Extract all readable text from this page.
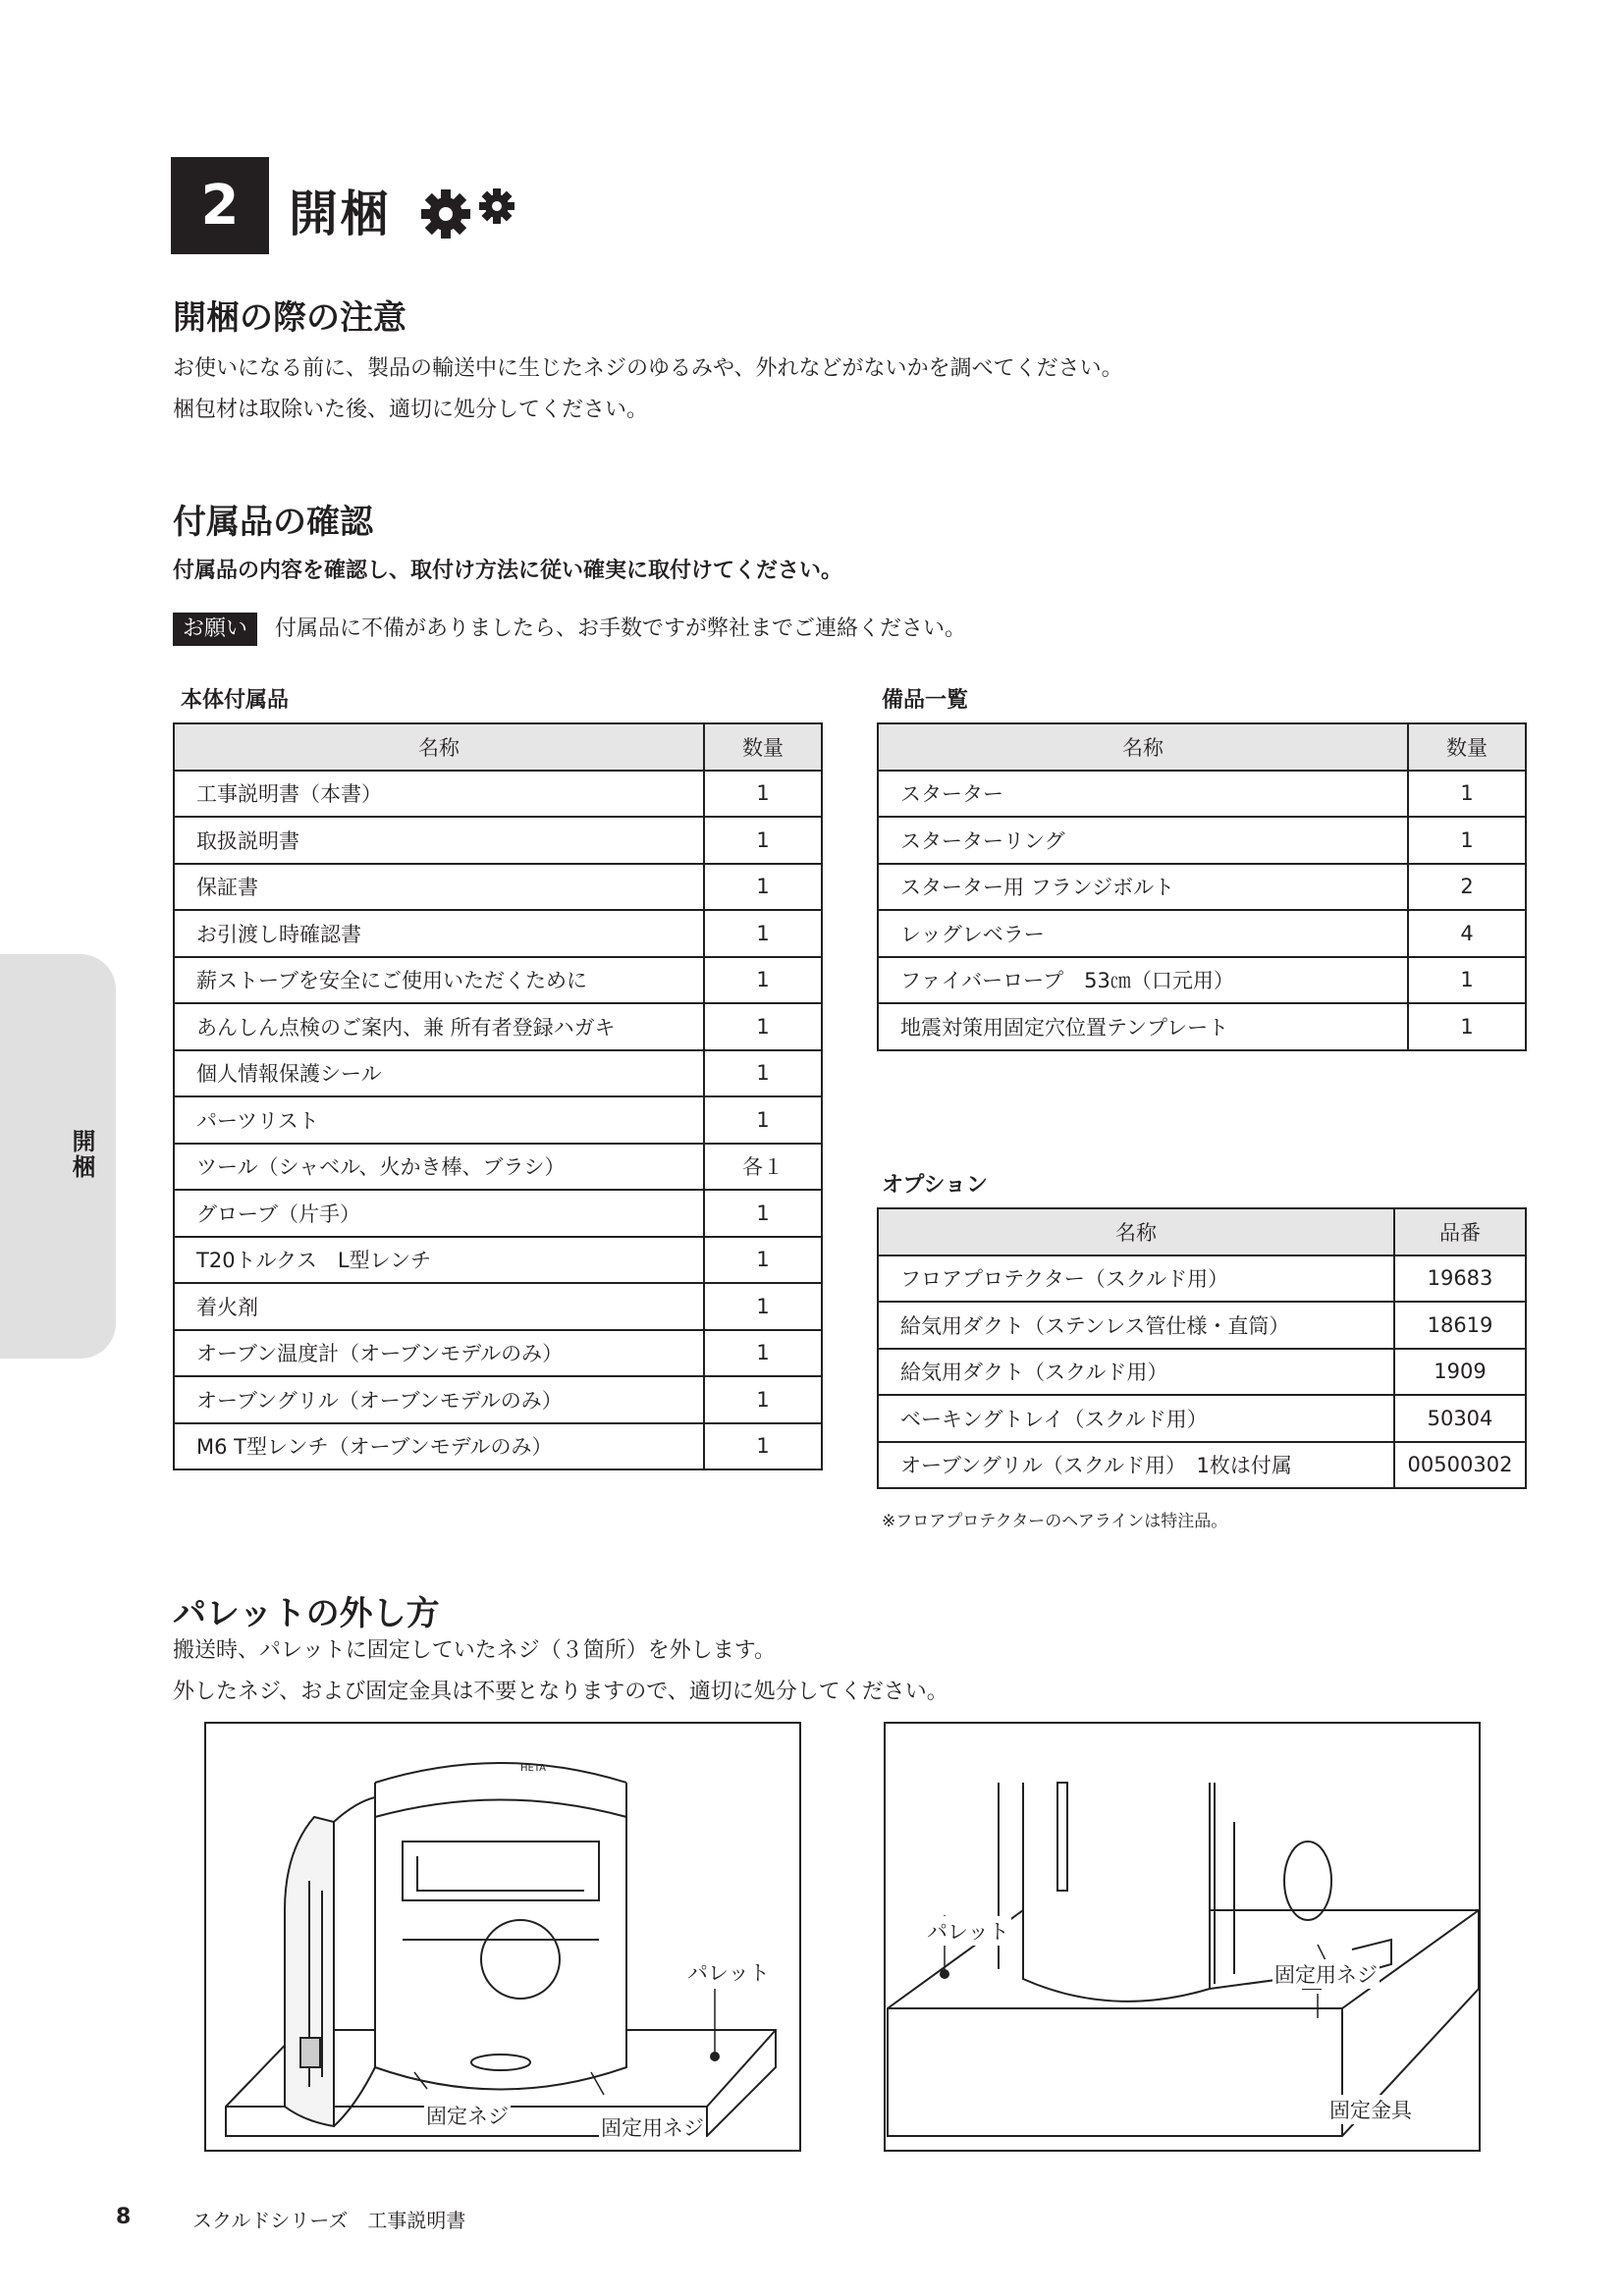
2	開梱
開梱の際の注意
お使いになる前に、製品の輸送中に生じたネジのゆるみや、外れなどがないかを調べてください。
梱包材は取除いた後、適切に処分してください。
付属品の確認
付属品の内容を確認し、取付け方法に従い確実に取付けてください。
お願い	付属品に不備がありましたら、お手数ですが弊社までご連絡ください。
本体付属品	備品一覧
オプション
名称	数量
工事説明書（本書）	1
取扱説明書	1
保証書	1
お引渡し時確認書	1
薪ストーブを安全にご使用いただくために	1
あんしん点検のご案内、兼 所有者登録ハガキ	1
個人情報保護シール	1
パーツリスト	1
ツール（シャベル、火かき棒、ブラシ）	各１
グローブ（片手）	1
T20トルクス　L型レンチ	1
着火剤	1
オーブン温度計（オーブンモデルのみ）	1
オーブングリル（オーブンモデルのみ）	1
M6 T型レンチ（オーブンモデルのみ）	1
名称	数量
スターター	1
スターターリング	1
スターター用 フランジボルト	2
レッグレベラー	4
ファイバーロープ　53㎝（口元用）	1
地震対策用固定穴位置テンプレート	1
名称	品番
フロアプロテクター（スクルド用）	19683
給気用ダクト（ステンレス管仕様・直筒）	18619
給気用ダクト（スクルド用）	1909
ベーキングトレイ（スクルド用）	50304
オーブングリル（スクルド用）　1枚は付属	00500302
※フロアプロテクターのヘアラインは特注品。
開梱
パレットの外し方
搬送時、パレットに固定していたネジ（３箇所）を外します。
外したネジ、および固定金具は不要となりますので、適切に処分してください。
HETA
パレット
固定ネジ	固定用ネジ
パレット
固定用ネジ
固定金具
8	スクルドシリーズ　工事説明書
